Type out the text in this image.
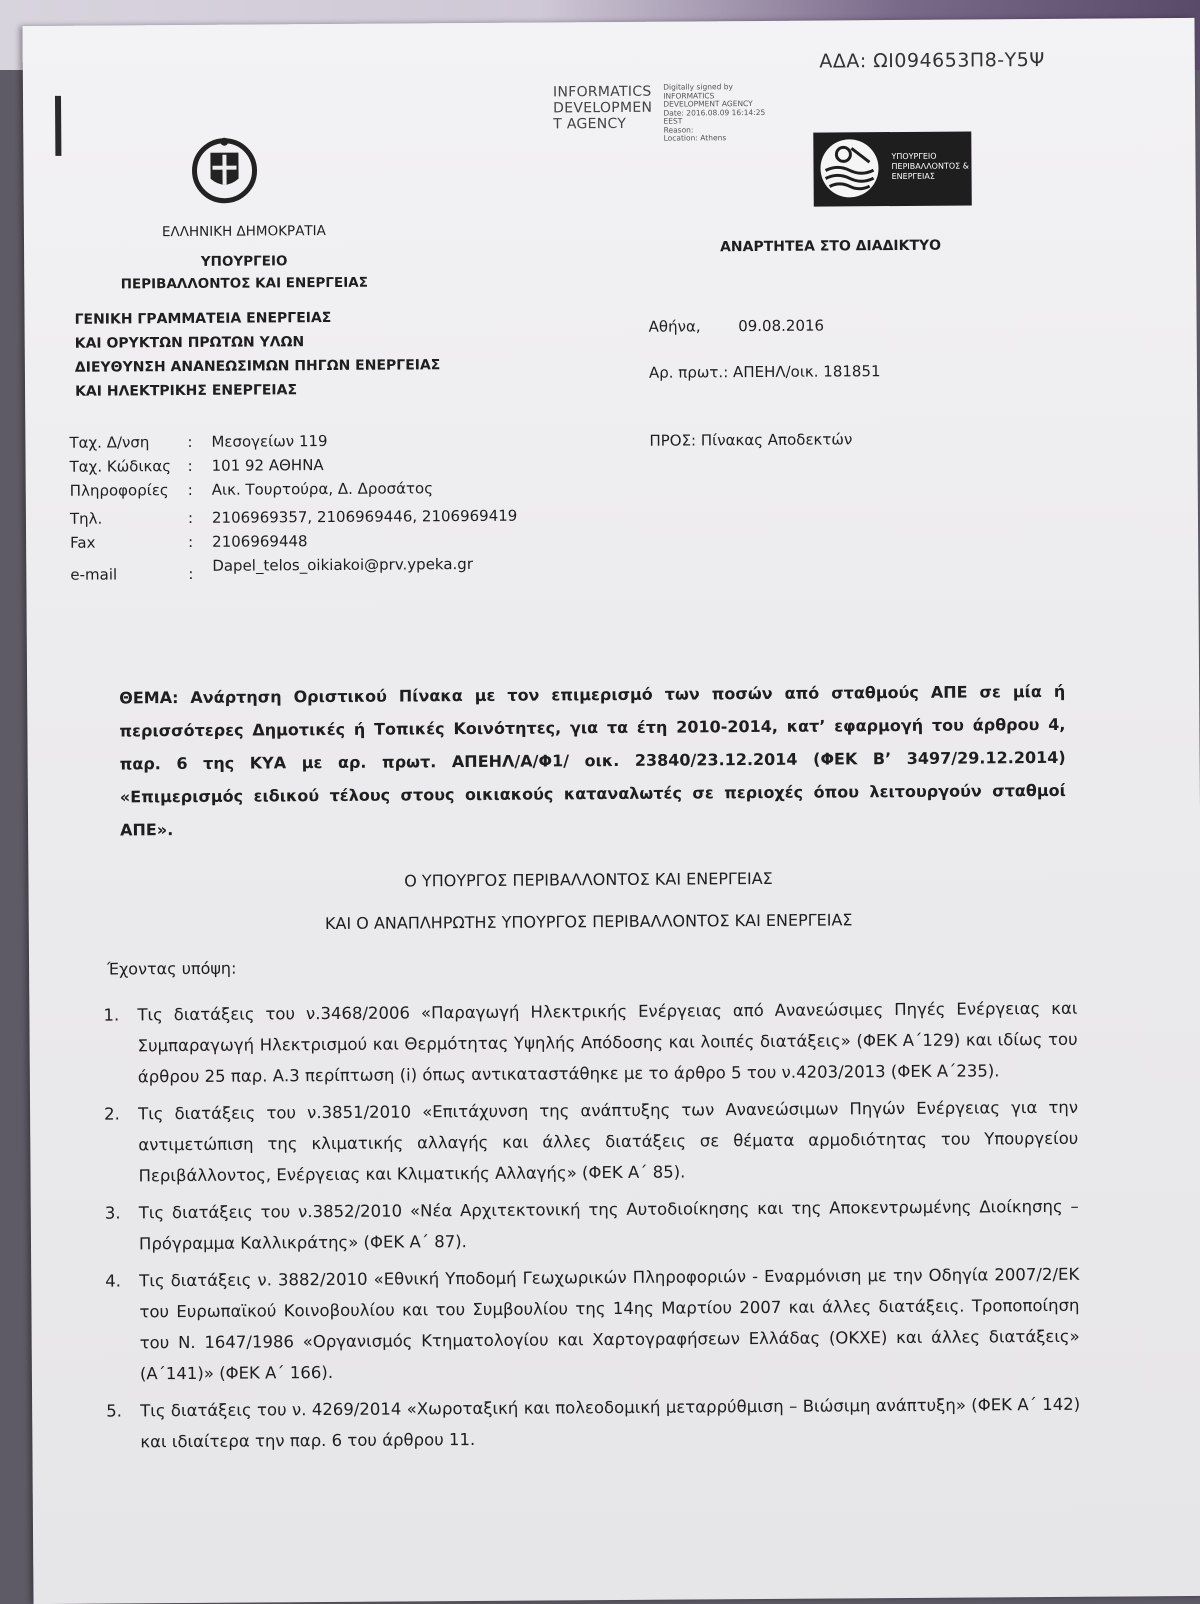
ΑΔΑ: ΩΙ094653Π8-Υ5Ψ
INFORMATICS
DEVELOPMEN
T AGENCY

Digitally signed by
INFORMATICS
DEVELOPMENT AGENCY
Date: 2016.08.09 16:14:25
EEST
Reason:
Location: Athens
ΥΠΟΥΡΓΕΙΟ ΠΕΡΙΒΑΛΛΟΝΤΟΣ & ΕΝΕΡΓΕΙΑΣ
ΕΛΛΗΝΙΚΗ ΔΗΜΟΚΡΑΤΙΑ
ΥΠΟΥΡΓΕΙΟ
ΠΕΡΙΒΑΛΛΟΝΤΟΣ ΚΑΙ ΕΝΕΡΓΕΙΑΣ
ΓΕΝΙΚΗ ΓΡΑΜΜΑΤΕΙΑ ΕΝΕΡΓΕΙΑΣ
ΚΑΙ ΟΡΥΚΤΩΝ ΠΡΩΤΩΝ ΥΛΩΝ
ΔΙΕΥΘΥΝΣΗ ΑΝΑΝΕΩΣΙΜΩΝ ΠΗΓΩΝ ΕΝΕΡΓΕΙΑΣ
ΚΑΙ ΗΛΕΚΤΡΙΚΗΣ ΕΝΕΡΓΕΙΑΣ
ΑΝΑΡΤΗΤΕΑ ΣΤΟ ΔΙΑΔΙΚΤΥΟ
Αθήνα, 09.08.2016
Αρ. πρωτ.: ΑΠΕΗΛ/οικ. 181851
ΠΡΟΣ: Πίνακας Αποδεκτών
Ταχ. Δ/νση	:	Μεσογείων 119
Ταχ. Κώδικας	:	101 92 ΑΘΗΝΑ
Πληροφορίες	:	Αικ. Τουρτούρα, Δ. Δροσάτος
Τηλ.	:	2106969357, 2106969446, 2106969419
Fax	:	2106969448
e-mail	:	Dapel_telos_oikiakoi@prv.ypeka.gr
ΘΕΜΑ: Ανάρτηση Οριστικού Πίνακα με τον επιμερισμό των ποσών από σταθμούς ΑΠΕ σε μία ή περισσότερες Δημοτικές ή Τοπικές Κοινότητες, για τα έτη 2010-2014, κατ’ εφαρμογή του άρθρου 4, παρ. 6 της ΚΥΑ με αρ. πρωτ. ΑΠΕΗΛ/Α/Φ1/ οικ. 23840/23.12.2014 (ΦΕΚ Β’ 3497/29.12.2014) «Επιμερισμός ειδικού τέλους στους οικιακούς καταναλωτές σε περιοχές όπου λειτουργούν σταθμοί ΑΠΕ».
Ο ΥΠΟΥΡΓΟΣ ΠΕΡΙΒΑΛΛΟΝΤΟΣ ΚΑΙ ΕΝΕΡΓΕΙΑΣ
ΚΑΙ Ο ΑΝΑΠΛΗΡΩΤΗΣ ΥΠΟΥΡΓΟΣ ΠΕΡΙΒΑΛΛΟΝΤΟΣ ΚΑΙ ΕΝΕΡΓΕΙΑΣ
Έχοντας υπόψη:
1. Τις διατάξεις του ν.3468/2006 «Παραγωγή Ηλεκτρικής Ενέργειας από Ανανεώσιμες Πηγές Ενέργειας και Συμπαραγωγή Ηλεκτρισμού και Θερμότητας Υψηλής Απόδοσης και λοιπές διατάξεις» (ΦΕΚ Α΄129) και ιδίως του άρθρου 25 παρ. Α.3 περίπτωση (i) όπως αντικαταστάθηκε με το άρθρο 5 του ν.4203/2013 (ΦΕΚ Α΄235).
2. Τις διατάξεις του ν.3851/2010 «Επιτάχυνση της ανάπτυξης των Ανανεώσιμων Πηγών Ενέργειας για την αντιμετώπιση της κλιματικής αλλαγής και άλλες διατάξεις σε θέματα αρμοδιότητας του Υπουργείου Περιβάλλοντος, Ενέργειας και Κλιματικής Αλλαγής» (ΦΕΚ Α΄ 85).
3. Τις διατάξεις του ν.3852/2010 «Νέα Αρχιτεκτονική της Αυτοδιοίκησης και της Αποκεντρωμένης Διοίκησης – Πρόγραμμα Καλλικράτης» (ΦΕΚ Α΄ 87).
4. Τις διατάξεις ν. 3882/2010 «Εθνική Υποδομή Γεωχωρικών Πληροφοριών - Εναρμόνιση με την Οδηγία 2007/2/ΕΚ του Ευρωπαϊκού Κοινοβουλίου και του Συμβουλίου της 14ης Μαρτίου 2007 και άλλες διατάξεις. Τροποποίηση του Ν. 1647/1986 «Οργανισμός Κτηματολογίου και Χαρτογραφήσεων Ελλάδας (ΟΚΧΕ) και άλλες διατάξεις» (Α΄141)» (ΦΕΚ Α΄ 166).
5. Τις διατάξεις του ν. 4269/2014 «Χωροταξική και πολεοδομική μεταρρύθμιση – Βιώσιμη ανάπτυξη» (ΦΕΚ Α΄ 142) και ιδιαίτερα την παρ. 6 του άρθρου 11.
